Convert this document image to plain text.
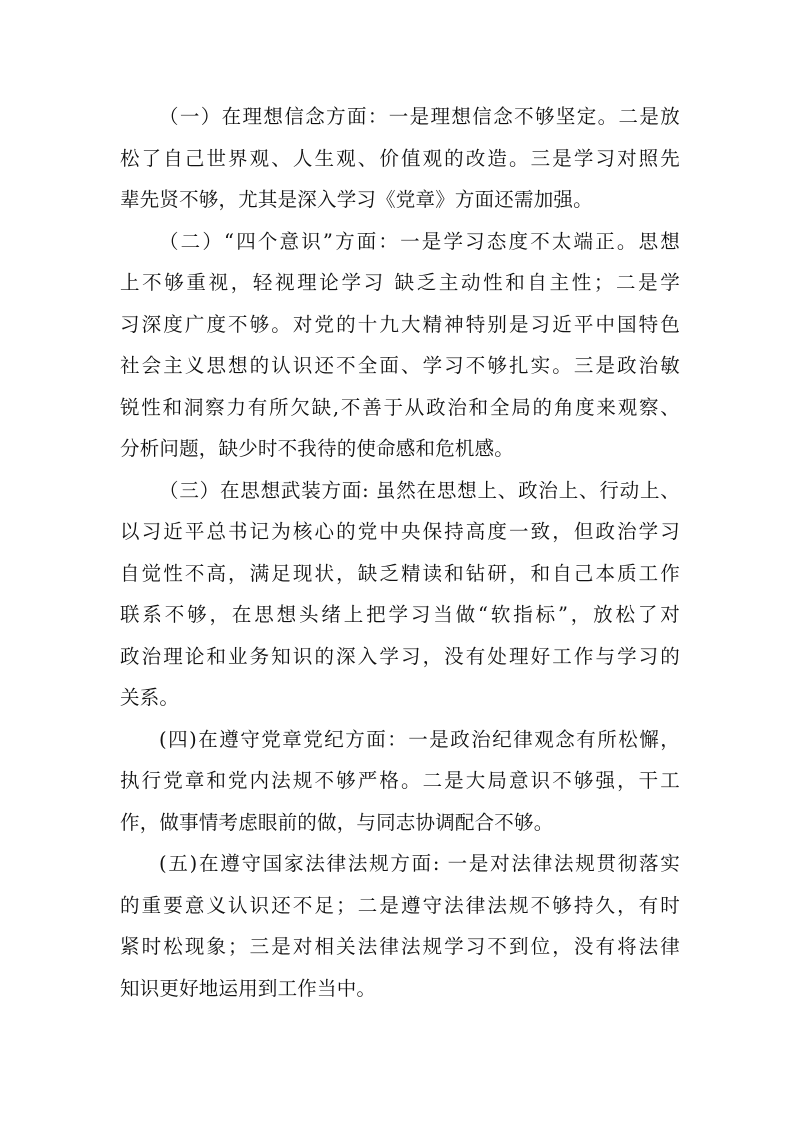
（一）在理想信念方面：一是理想信念不够坚定。二是放
松了自己世界观、人生观、价值观的改造。三是学习对照先
辈先贤不够，尤其是深入学习《党章》方面还需加强。
（二）“四个意识”方面：一是学习态度不太端正。思想
上不够重视，轻视理论学习 缺乏主动性和自主性；二是学
习深度广度不够。对党的十九大精神特别是习近平中国特色
社会主义思想的认识还不全面、学习不够扎实。三是政治敏
锐性和洞察力有所欠缺,不善于从政治和全局的角度来观察、
分析问题，缺少时不我待的使命感和危机感。
（三）在思想武装方面: 虽然在思想上、政治上、行动上、
以习近平总书记为核心的党中央保持高度一致，但政治学习
自觉性不高，满足现状，缺乏精读和钻研，和自己本质工作
联系不够，在思想头绪上把学习当做“软指标”，放松了对
政治理论和业务知识的深入学习，没有处理好工作与学习的
关系。
(四)在遵守党章党纪方面：一是政治纪律观念有所松懈，
执行党章和党内法规不够严格。二是大局意识不够强，干工
作，做事情考虑眼前的做，与同志协调配合不够。
(五)在遵守国家法律法规方面: 一是对法律法规贯彻落实
的重要意义认识还不足；二是遵守法律法规不够持久，有时
紧时松现象；三是对相关法律法规学习不到位，没有将法律
知识更好地运用到工作当中。
